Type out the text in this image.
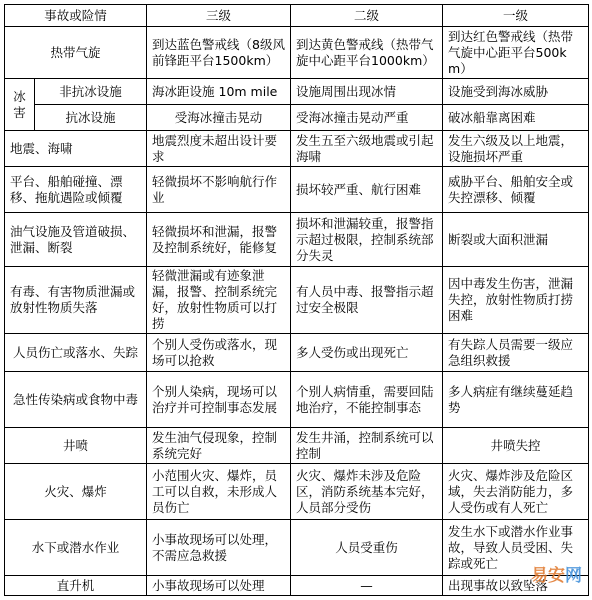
事故或险情		三级	二级	一级
热带气旋		到达蓝色警戒线（8级风前锋距平台1500km）	到达黄色警戒线（热带气旋中心距平台1000km）	到达红色警戒线（热带气旋中心距平台500km）
冰害	非抗冰设施	海冰距设施 10m mile	设施周围出现冰情	设施受到海冰威胁
	抗冰设施	受海冰撞击晃动	受海冰撞击晃动严重	破冰船靠离困难
地震、海啸		地震烈度未超出设计要求	发生五至六级地震或引起海啸	发生六级及以上地震，设施损坏严重
平台、船舶碰撞、漂移、拖航遇险或倾覆		轻微损坏不影响航行作业	损坏较严重、航行困难	威胁平台、船舶安全或失控漂移、倾覆
油气设施及管道破损、泄漏、断裂		轻微损坏和泄漏，报警及控制系统好，能修复	损坏和泄漏较重，报警指示超过极限，控制系统部分失灵	断裂或大面积泄漏
有毒、有害物质泄漏或放射性物质失落		轻微泄漏或有迹象泄漏，报警、控制系统完好，放射性物质可以打捞	有人员中毒、报警指示超过安全极限	因中毒发生伤害，泄漏失控，放射性物质打捞困难
人员伤亡或落水、失踪		个别人受伤或落水，现场可以抢救	多人受伤或出现死亡	有失踪人员需要一级应急组织救援
急性传染病或食物中毒		个别人染病，现场可以治疗并可控制事态发展	个别人病情重，需要回陆地治疗，不能控制事态	多人病症有继续蔓延趋势
井喷		发生油气侵现象，控制系统完好	发生井涌，控制系统可以控制	井喷失控
火灾、爆炸		小范围火灾、爆炸，员工可以自救，未形成人员伤亡	火灾、爆炸未涉及危险区，消防系统基本完好，人员部分受伤	火灾、爆炸涉及危险区域，失去消防能力，多人受伤或有人死亡
水下或潜水作业		小事故现场可以处理，不需应急救援	人员受重伤	发生水下或潜水作业事故，导致人员受困、失踪或死亡
直升机		小事故现场可以处理	—	出现事故以致坠落
易安网
